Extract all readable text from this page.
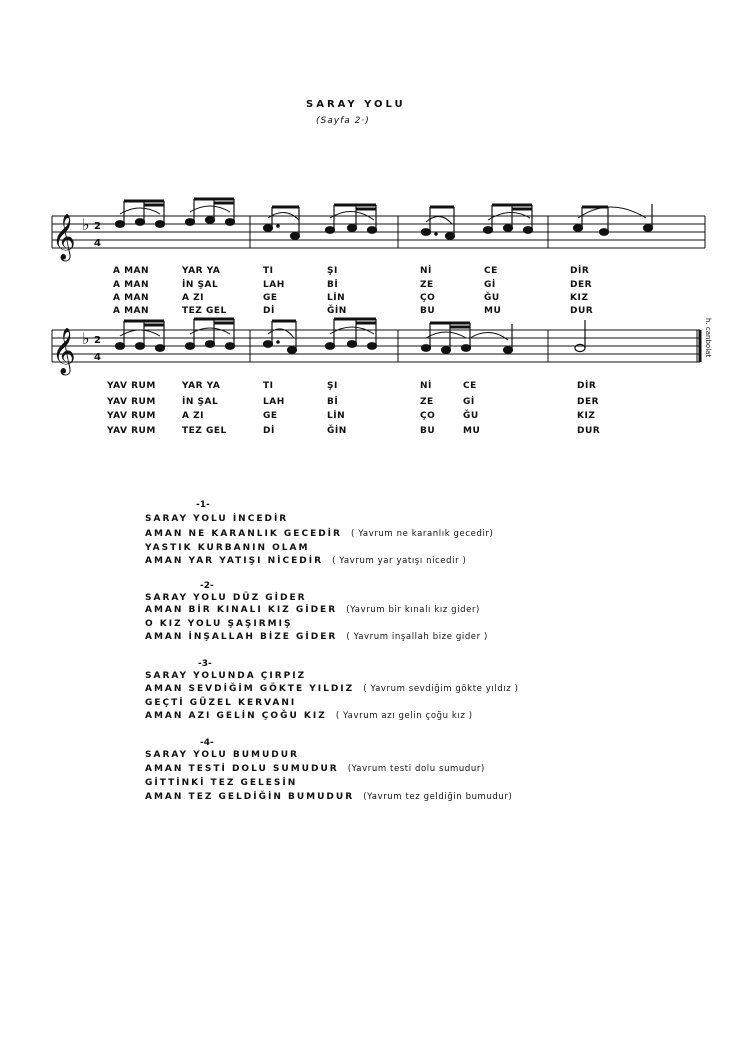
SARAY YOLU
(Sayfa 2·)
𝄞
𝄞
♭
♭
2
4
2
4
A MAN	YAR YA	TI	ŞI	Nİ	CE	DİR
A MAN	İN ŞAL	LAH	Bİ	ZE	Gİ	DER
A MAN	A ZI	GE	LİN	ÇO	ĞU	KIZ
A MAN	TEZ GEL	Dİ	ĞİN	BU	MU	DUR
YAV RUM	YAR YA	TI	ŞI	Nİ	CE	DİR
YAV RUM	İN ŞAL	LAH	Bİ	ZE	Gİ	DER
YAV RUM	A ZI	GE	LİN	ÇO	ĞU	KIZ
YAV RUM	TEZ GEL	Dİ	ĞİN	BU	MU	DUR
h. canbolat
-1-
SARAY YOLU İNCEDİR
AMAN NE KARANLIK GECEDİR ( Yavrum ne karanlık gecedir)
YASTIK KURBANIN OLAM
AMAN YAR YATIŞI NİCEDİR ( Yavrum yar yatışı nicedir )
-2-
SARAY YOLU DÜZ GİDER
AMAN BİR KINALI KIZ GİDER (Yavrum bir kınalı kız gider)
O KIZ YOLU ŞAŞIRMIŞ
AMAN İNŞALLAH BİZE GİDER ( Yavrum inşallah bize gider )
-3-
SARAY YOLUNDA ÇIRPIZ
AMAN SEVDİĞİM GÖKTE YILDIZ ( Yavrum sevdiğim gökte yıldız )
GEÇTİ GÜZEL KERVANI
AMAN AZI GELİN ÇOĞU KIZ ( Yavrum azı gelin çoğu kız )
-4-
SARAY YOLU BUMUDUR
AMAN TESTİ DOLU SUMUDUR (Yavrum testi dolu sumudur)
GİTTİNKİ TEZ GELESİN
AMAN TEZ GELDİĞİN BUMUDUR (Yavrum tez geldiğin bumudur)
